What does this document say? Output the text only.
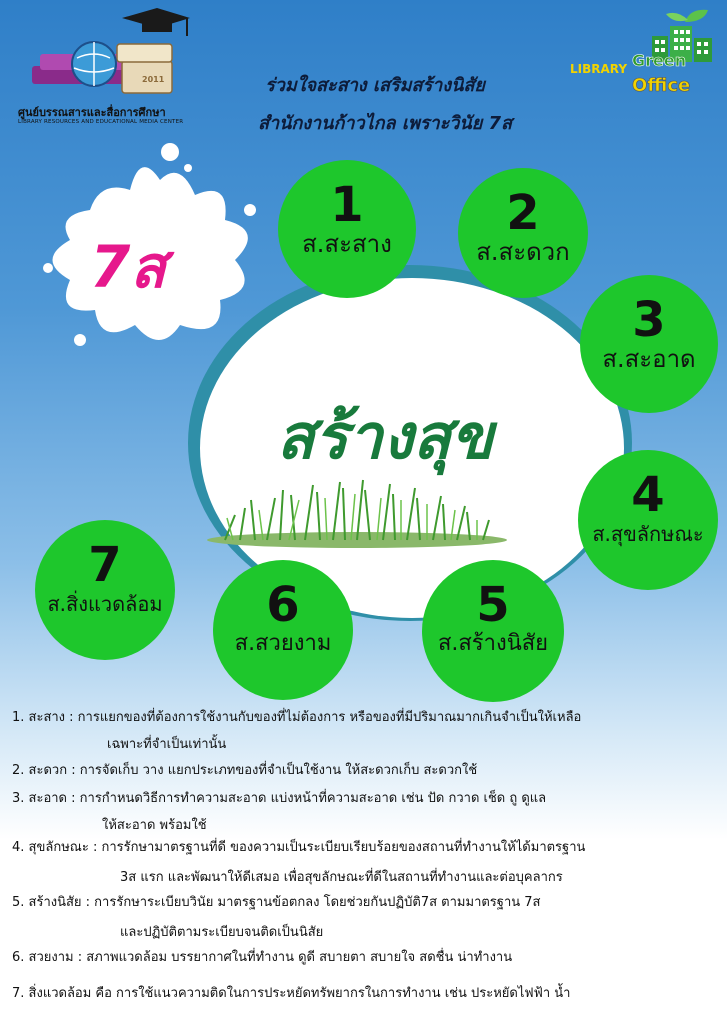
2011
ศูนย์บรรณสารและสื่อการศึกษา
LIBRARY RESOURCES AND EDUCATIONAL MEDIA CENTER
ร่วมใจสะสาง เสริมสร้างนิสัย
สำนักงานก้าวไกล เพราะวินัย 7ส
LIBRARY Green
Office
7ส
สร้างสุข
1
ส.สะสาง
2
ส.สะดวก
3
ส.สะอาด
4
ส.สุขลักษณะ
5
ส.สร้างนิสัย
6
ส.สวยงาม
7
ส.สิ่งแวดล้อม
1. สะสาง : การแยกของที่ต้องการใช้งานกับของที่ไม่ต้องการ หรือของที่มีปริมาณมากเกินจำเป็นให้เหลือ
เฉพาะที่จำเป็นเท่านั้น
2. สะดวก : การจัดเก็บ วาง แยกประเภทของที่จำเป็นใช้งาน ให้สะดวกเก็บ สะดวกใช้
3. สะอาด : การกำหนดวิธีการทำความสะอาด แบ่งหน้าที่ความสะอาด เช่น ปัด กวาด เช็ด ถู ดูแล
ให้สะอาด พร้อมใช้
4. สุขลักษณะ : การรักษามาตรฐานที่ดี ของความเป็นระเบียบเรียบร้อยของสถานที่ทำงานให้ได้มาตรฐาน
3ส แรก และพัฒนาให้ดีเสมอ เพื่อสุขลักษณะที่ดีในสถานที่ทำงานและต่อบุคลากร
5. สร้างนิสัย : การรักษาระเบียบวินัย มาตรฐานข้อตกลง โดยช่วยกันปฏิบัติ7ส ตามมาตรฐาน 7ส
และปฏิบัติตามระเบียบจนติดเป็นนิสัย
6. สวยงาม : สภาพแวดล้อม บรรยากาศในที่ทำงาน ดูดี สบายตา สบายใจ สดชื่น น่าทำงาน
7. สิ่งแวดล้อม คือ การใช้แนวความติดในการประหยัดทรัพยากรในการทำงาน เช่น ประหยัดไฟฟ้า น้ำ
